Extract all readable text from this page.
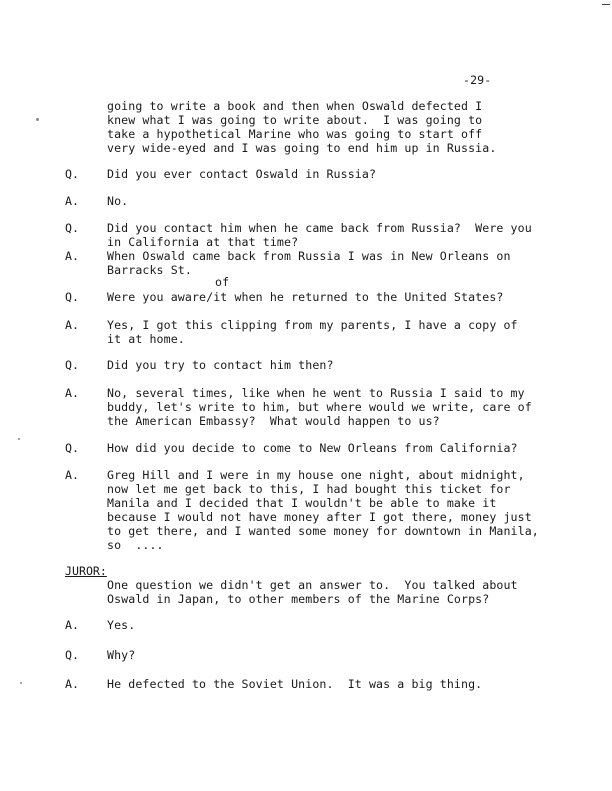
-29-
going to write a book and then when Oswald defected I
knew what I was going to write about.  I was going to
take a hypothetical Marine who was going to start off
very wide-eyed and I was going to end him up in Russia.
Q. Did you ever contact Oswald in Russia?
A. No.
Q. Did you contact him when he came back from Russia?  Were you
in California at that time?
A. When Oswald came back from Russia I was in New Orleans on
Barracks St.
of
Q. Were you aware/it when he returned to the United States?
A. Yes, I got this clipping from my parents, I have a copy of
it at home.
Q. Did you try to contact him then?
A. No, several times, like when he went to Russia I said to my
buddy, let's write to him, but where would we write, care of
the American Embassy?  What would happen to us?
Q. How did you decide to come to New Orleans from California?
A. Greg Hill and I were in my house one night, about midnight,
now let me get back to this, I had bought this ticket for
Manila and I decided that I wouldn't be able to make it
because I would not have money after I got there, money just
to get there, and I wanted some money for downtown in Manila,
so  ....
JUROR:
One question we didn't get an answer to.  You talked about
Oswald in Japan, to other members of the Marine Corps?
A. Yes.
Q. Why?
A. He defected to the Soviet Union.  It was a big thing.
